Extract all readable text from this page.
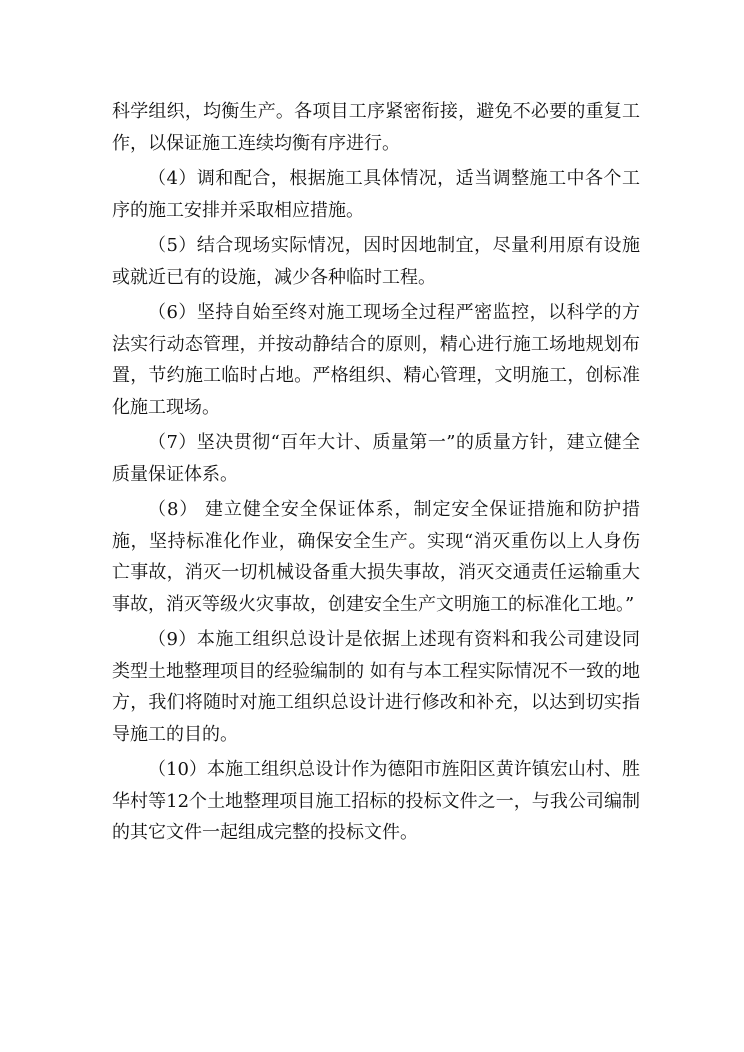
科学组织，均衡生产。各项目工序紧密衔接，避免不必要的重复工作，以保证施工连续均衡有序进行。

（4）调和配合，根据施工具体情况，适当调整施工中各个工序的施工安排并采取相应措施。

（5）结合现场实际情况，因时因地制宜，尽量利用原有设施或就近已有的设施，减少各种临时工程。

（6）坚持自始至终对施工现场全过程严密监控，以科学的方法实行动态管理，并按动静结合的原则，精心进行施工场地规划布置，节约施工临时占地。严格组织、精心管理，文明施工，创标准化施工现场。

（7）坚决贯彻“百年大计、质量第一”的质量方针，建立健全质量保证体系。

（8） 建立健全安全保证体系，制定安全保证措施和防护措施，坚持标准化作业，确保安全生产。实现“消灭重伤以上人身伤亡事故，消灭一切机械设备重大损失事故，消灭交通责任运输重大事故，消灭等级火灾事故，创建安全生产文明施工的标准化工地。”

（9）本施工组织总设计是依据上述现有资料和我公司建设同类型土地整理项目的经验编制的 如有与本工程实际情况不一致的地方，我们将随时对施工组织总设计进行修改和补充，以达到切实指导施工的目的。

（10）本施工组织总设计作为德阳市旌阳区黄许镇宏山村、胜华村等12个土地整理项目施工招标的投标文件之一，与我公司编制的其它文件一起组成完整的投标文件。
